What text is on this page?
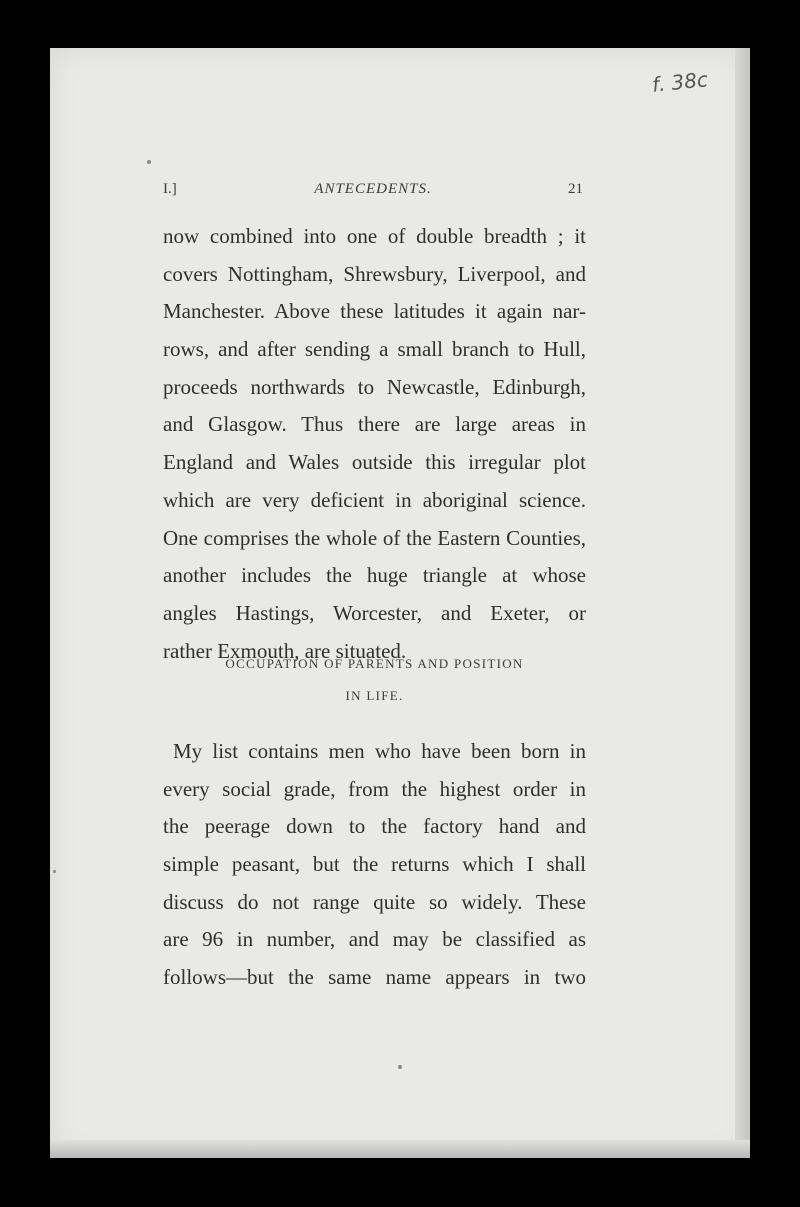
f. 38c
I.]	ANTECEDENTS.	21
now combined into one of double breadth ; it
covers Nottingham, Shrewsbury, Liverpool, and
Manchester. Above these latitudes it again nar-
rows, and after sending a small branch to Hull,
proceeds northwards to Newcastle, Edinburgh,
and Glasgow. Thus there are large areas in
England and Wales outside this irregular plot
which are very deficient in aboriginal science.
One comprises the whole of the Eastern Counties,
another includes the huge triangle at whose
angles Hastings, Worcester, and Exeter, or
rather Exmouth, are situated.
OCCUPATION OF PARENTS AND POSITION
IN LIFE.
My list contains men who have been born in
every social grade, from the highest order in
the peerage down to the factory hand and
simple peasant, but the returns which I shall
discuss do not range quite so widely. These
are 96 in number, and may be classified as
follows—but the same name appears in two
